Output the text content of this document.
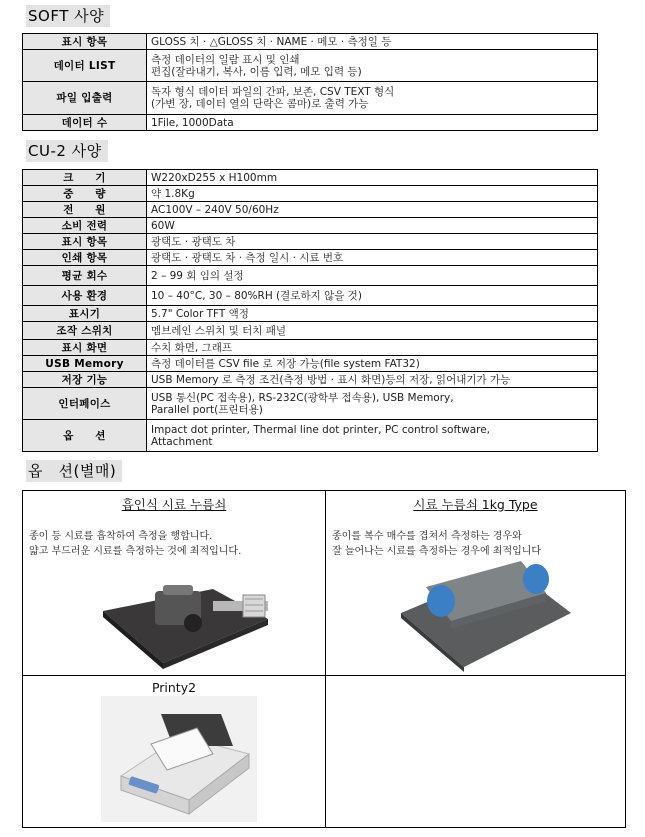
SOFT 사양
표시 항목	GLOSS 치 · △GLOSS 치 · NAME · 메모 · 측정일 등

데이터 LIST	측정 데이터의 일람 표시 및 인쇄
편집(잘라내기, 복사, 이름 입력, 메모 입력 등)

파일 입출력	독자 형식 데이터 파일의 간파, 보존, CSV TEXT 형식
(가변 장, 데이터 열의 단락은 콤마)로 출력 가능

데이터 수	1File, 1000Data
CU-2 사양
크　　기	W220xD255 x H100mm

중　　량	약 1.8Kg

전　　원	AC100V – 240V 50/60Hz

소비 전력	60W

표시 항목	광택도 · 광택도 차

인쇄 항목	광택도 · 광택도 차 · 측정 일시 · 시료 번호

평균 회수	2 – 99 회 임의 설정

사용 환경	10 – 40°C, 30 – 80%RH (결로하지 않을 것)

표시기	5.7" Color TFT 액정

조작 스위치	멤브레인 스위치 및 터치 패널

표시 화면	수치 화면, 그래프

USB Memory	측정 데이터를 CSV file 로 저장 가능(file system FAT32)

저장 기능	USB Memory 로 측정 조건(측정 방법 · 표시 화면)등의 저장, 읽어내기가 가능

인터페이스	USB 통신(PC 접속용), RS-232C(광학부 접속용), USB Memory,
Parallel port(프린터용)

옵　　션	Impact dot printer, Thermal line dot printer, PC control software,
Attachment
옵　션(별매)
흡인식 시료 누름쇠
종이 등 시료를 흡착하여 측정을 행합니다.
얇고 부드러운 시료를 측정하는 것에 최적입니다.
시료 누름쇠 1kg Type
종이를 복수 매수를 겹쳐서 측정하는 경우와
잘 늘어나는 시료를 측정하는 경우에 최적입니다
Printy2
